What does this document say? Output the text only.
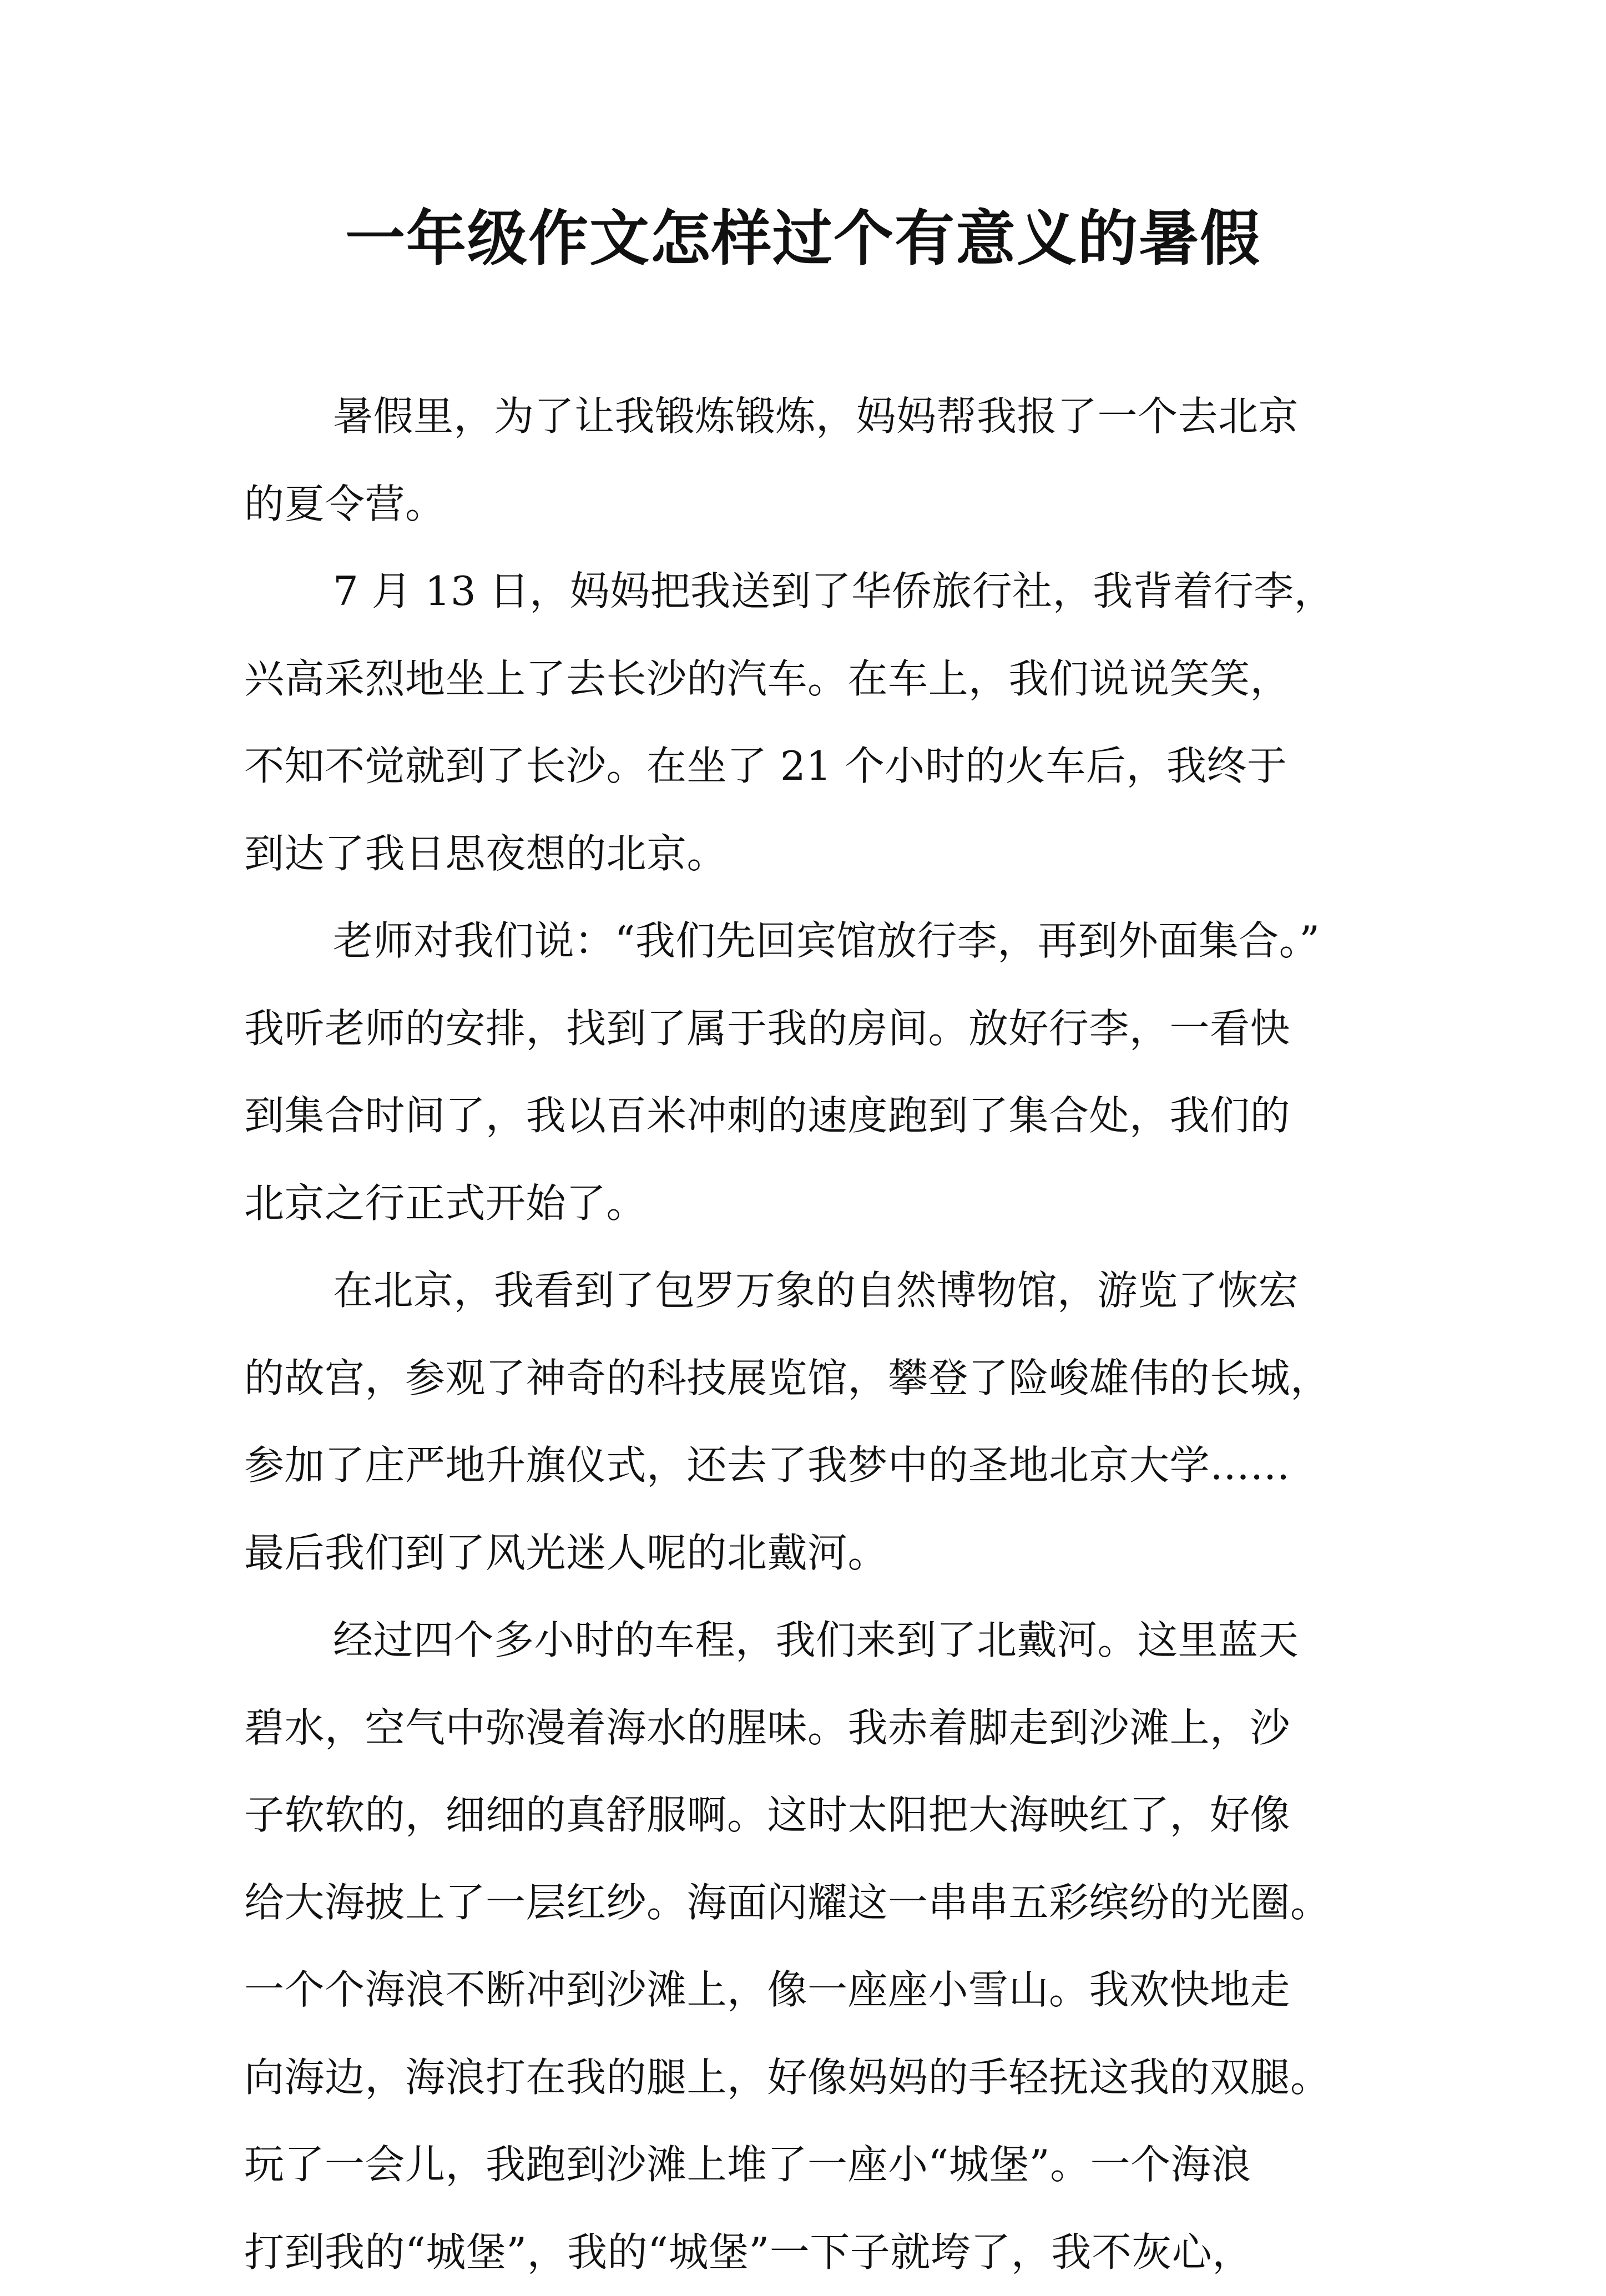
一年级作文怎样过个有意义的暑假
暑假里，为了让我锻炼锻炼，妈妈帮我报了一个去北京
的夏令营。
7 月 13 日，妈妈把我送到了华侨旅行社，我背着行李，
兴高采烈地坐上了去长沙的汽车。在车上，我们说说笑笑，
不知不觉就到了长沙。在坐了 21 个小时的火车后，我终于
到达了我日思夜想的北京。
老师对我们说：“我们先回宾馆放行李，再到外面集合。”
我听老师的安排，找到了属于我的房间。放好行李，一看快
到集合时间了，我以百米冲刺的速度跑到了集合处，我们的
北京之行正式开始了。
在北京，我看到了包罗万象的自然博物馆，游览了恢宏
的故宫，参观了神奇的科技展览馆，攀登了险峻雄伟的长城，
参加了庄严地升旗仪式，还去了我梦中的圣地北京大学……
最后我们到了风光迷人呢的北戴河。
经过四个多小时的车程，我们来到了北戴河。这里蓝天
碧水，空气中弥漫着海水的腥味。我赤着脚走到沙滩上，沙
子软软的，细细的真舒服啊。这时太阳把大海映红了，好像
给大海披上了一层红纱。海面闪耀这一串串五彩缤纷的光圈。
一个个海浪不断冲到沙滩上，像一座座小雪山。我欢快地走
向海边，海浪打在我的腿上，好像妈妈的手轻抚这我的双腿。
玩了一会儿，我跑到沙滩上堆了一座小“城堡”。一个海浪
打到我的“城堡”，我的“城堡”一下子就垮了，我不灰心，
